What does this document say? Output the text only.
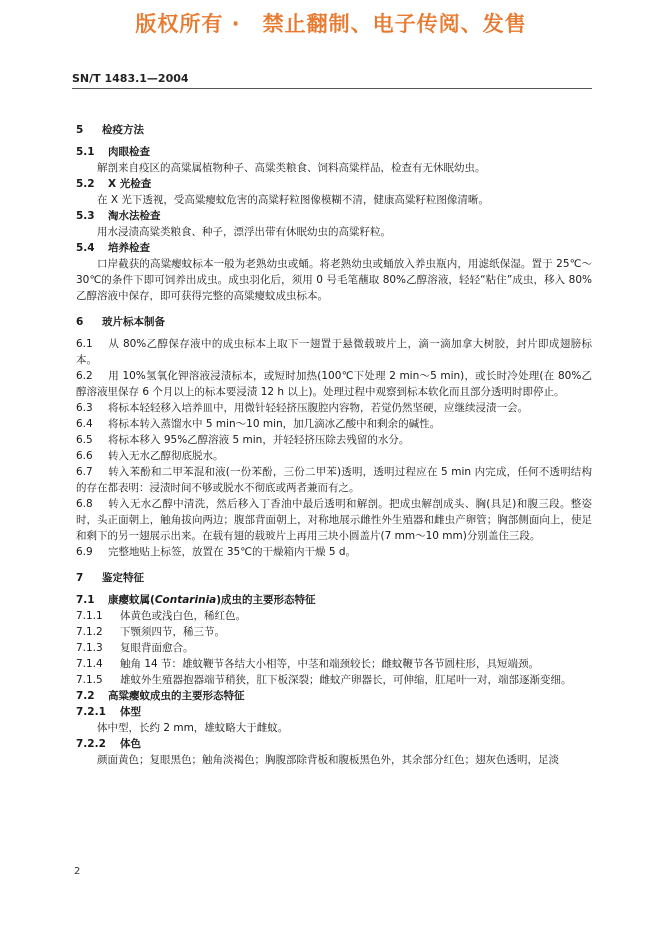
版权所有 ·　禁止翻制、电子传阅、发售
SN/T 1483.1—2004
5 检疫方法
5.1 肉眼检查

解剖来自疫区的高粱属植物种子、高粱类粮食、饲料高粱样品，检查有无休眠幼虫。

5.2 X 光检查

在 X 光下透视，受高粱瘿蚊危害的高粱籽粒图像模糊不清，健康高粱籽粒图像清晰。

5.3 淘水法检查

用水浸渍高粱类粮食、种子，漂浮出带有休眠幼虫的高粱籽粒。

5.4 培养检查

口岸截获的高粱瘿蚊标本一般为老熟幼虫或蛹。将老熟幼虫或蛹放入养虫瓶内，用滤纸保湿。置于 25℃～30℃的条件下即可饲养出成虫。成虫羽化后，须用 0 号毛笔蘸取 80%乙醇溶液，轻轻“粘住”成虫，移入 80%乙醇溶液中保存，即可获得完整的高粱瘿蚊成虫标本。

6 玻片标本制备

6.1 从 80%乙醇保存液中的成虫标本上取下一翅置于悬微载玻片上，滴一滴加拿大树胶，封片即成翅膀标本。

6.2 用 10%氢氧化钾溶液浸渍标本，或短时加热(100℃下处理 2 min～5 min)，或长时冷处理(在 80%乙醇溶液里保存 6 个月以上的标本要浸渍 12 h 以上)。处理过程中观察到标本软化而且部分透明时即停止。

6.3 将标本轻轻移入培养皿中，用微针轻轻挤压腹腔内容物，若觉仍然坚硬，应继续浸渍一会。

6.4 将标本转入蒸馏水中 5 min～10 min，加几滴冰乙酸中和剩余的碱性。

6.5 将标本移入 95%乙醇溶液 5 min，并轻轻挤压除去残留的水分。

6.6 转入无水乙醇彻底脱水。

6.7 转入苯酚和二甲苯混和液(一份苯酚，三份二甲苯)透明，透明过程应在 5 min 内完成，任何不透明结构的存在都表明：浸渍时间不够或脱水不彻底或两者兼而有之。

6.8 转入无水乙醇中清洗，然后移入丁香油中最后透明和解剖。把成虫解剖成头、胸(具足)和腹三段。整姿时，头正面朝上，触角拔向两边；腹部背面朝上，对称地展示雌性外生殖器和雌虫产卵管；胸部侧面向上，使足和剩下的另一翅展示出来。在载有翅的载玻片上再用三块小圆盖片(7 mm～10 mm)分别盖住三段。

6.9 完整地贴上标签，放置在 35℃的干燥箱内干燥 5 d。

7 鉴定特征
7.1 康瘿蚊属(Contarinia)成虫的主要形态特征

7.1.1 体黄色或浅白色，稀红色。

7.1.2 下颚须四节，稀三节。

7.1.3 复眼背面愈合。

7.1.4 触角 14 节：雄蚊鞭节各结大小相等，中茎和端颈较长；雌蚊鞭节各节圆柱形，具短端颈。

7.1.5 雄蚊外生殖器抱器端节稍狭，肛下板深裂；雌蚊产卵器长，可伸缩，肛尾叶一对，端部逐渐变细。

7.2 高粱瘿蚊成虫的主要形态特征
7.2.1 体型

体中型，长约 2 mm，雄蚊略大于雌蚊。

7.2.2 体色

颜面黄色；复眼黑色；触角淡褐色；胸腹部除背板和腹板黑色外，其余部分红色；翅灰色透明，足淡

2
